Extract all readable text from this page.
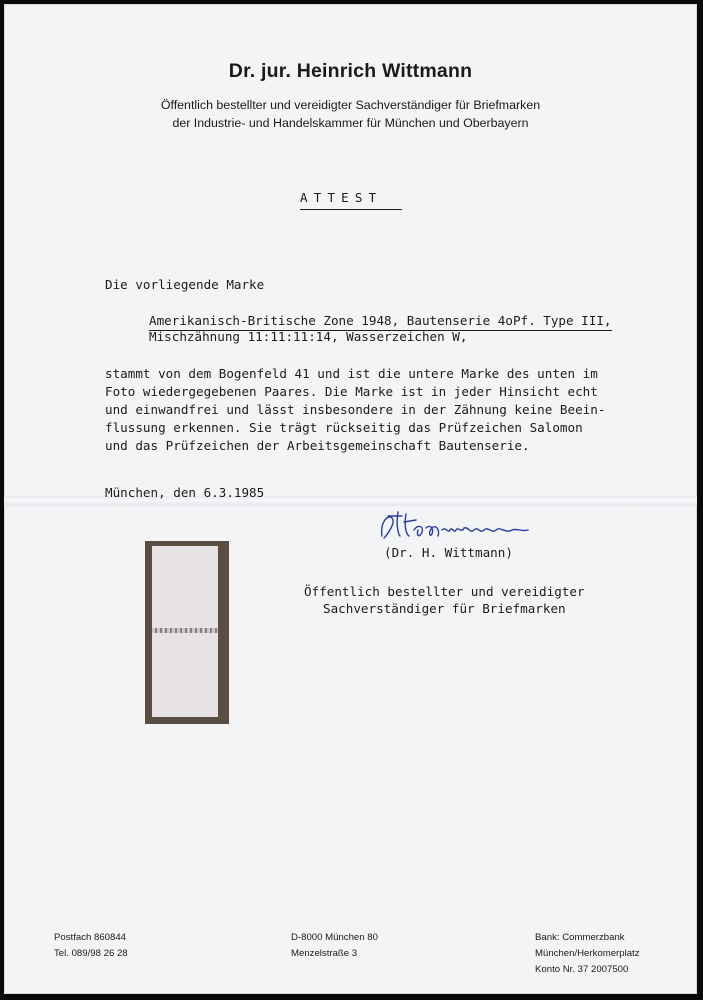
Dr. jur. Heinrich Wittmann
Öffentlich bestellter und vereidigter Sachverständiger für Briefmarken
der Industrie- und Handelskammer für München und Oberbayern
ATTEST
Die vorliegende Marke
Amerikanisch-Britische Zone 1948, Bautenserie 4oPf. Type III,
Mischzähnung 11:11:11:14, Wasserzeichen W,
stammt von dem Bogenfeld 41 und ist die untere Marke des unten im
Foto wiedergegebenen Paares. Die Marke ist in jeder Hinsicht echt
und einwandfrei und lässt insbesondere in der Zähnung keine Beein-
flussung erkennen. Sie trägt rückseitig das Prüfzeichen Salomon
und das Prüfzeichen der Arbeitsgemeinschaft Bautenserie.
München, den 6.3.1985
(Dr. H. Wittmann)
Öffentlich bestellter und vereidigter
Sachverständiger für Briefmarken
Postfach 860844
Tel. 089/98 26 28
D-8000 München 80
Menzelstraße 3
Bank: Commerzbank
München/Herkomerplatz
Konto Nr. 37 2007500
